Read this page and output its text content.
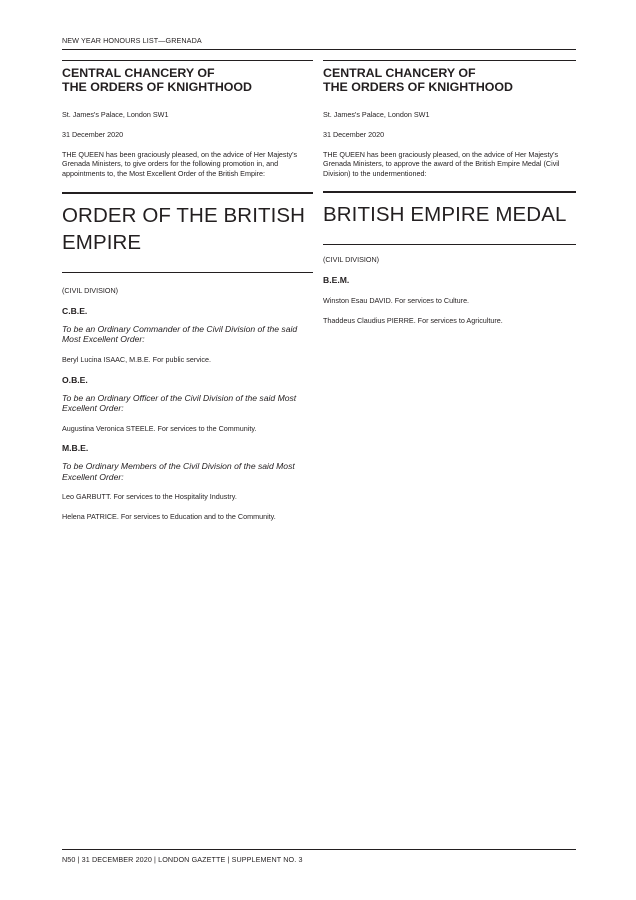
NEW YEAR HONOURS LIST—GRENADA
CENTRAL CHANCERY OF
THE ORDERS OF KNIGHTHOOD
St. James's Palace, London SW1
31 December 2020
THE QUEEN has been graciously pleased, on the advice of Her Majesty's Grenada Ministers, to give orders for the following promotion in, and appointments to, the Most Excellent Order of the British Empire:
ORDER OF THE BRITISH EMPIRE
(CIVIL DIVISION)
C.B.E.
To be an Ordinary Commander of the Civil Division of the said Most Excellent Order:
Beryl Lucina ISAAC, M.B.E. For public service.
O.B.E.
To be an Ordinary Officer of the Civil Division of the said Most Excellent Order:
Augustina Veronica STEELE. For services to the Community.
M.B.E.
To be Ordinary Members of the Civil Division of the said Most Excellent Order:
Leo GARBUTT. For services to the Hospitality Industry.
Helena PATRICE. For services to Education and to the Community.
CENTRAL CHANCERY OF
THE ORDERS OF KNIGHTHOOD
St. James's Palace, London SW1
31 December 2020
THE QUEEN has been graciously pleased, on the advice of Her Majesty's Grenada Ministers, to approve the award of the British Empire Medal (Civil Division) to the undermentioned:
BRITISH EMPIRE MEDAL
(CIVIL DIVISION)
B.E.M.
Winston Esau DAVID. For services to Culture.
Thaddeus Claudius PIERRE. For services to Agriculture.
N50 | 31 DECEMBER 2020 | LONDON GAZETTE | SUPPLEMENT NO. 3
